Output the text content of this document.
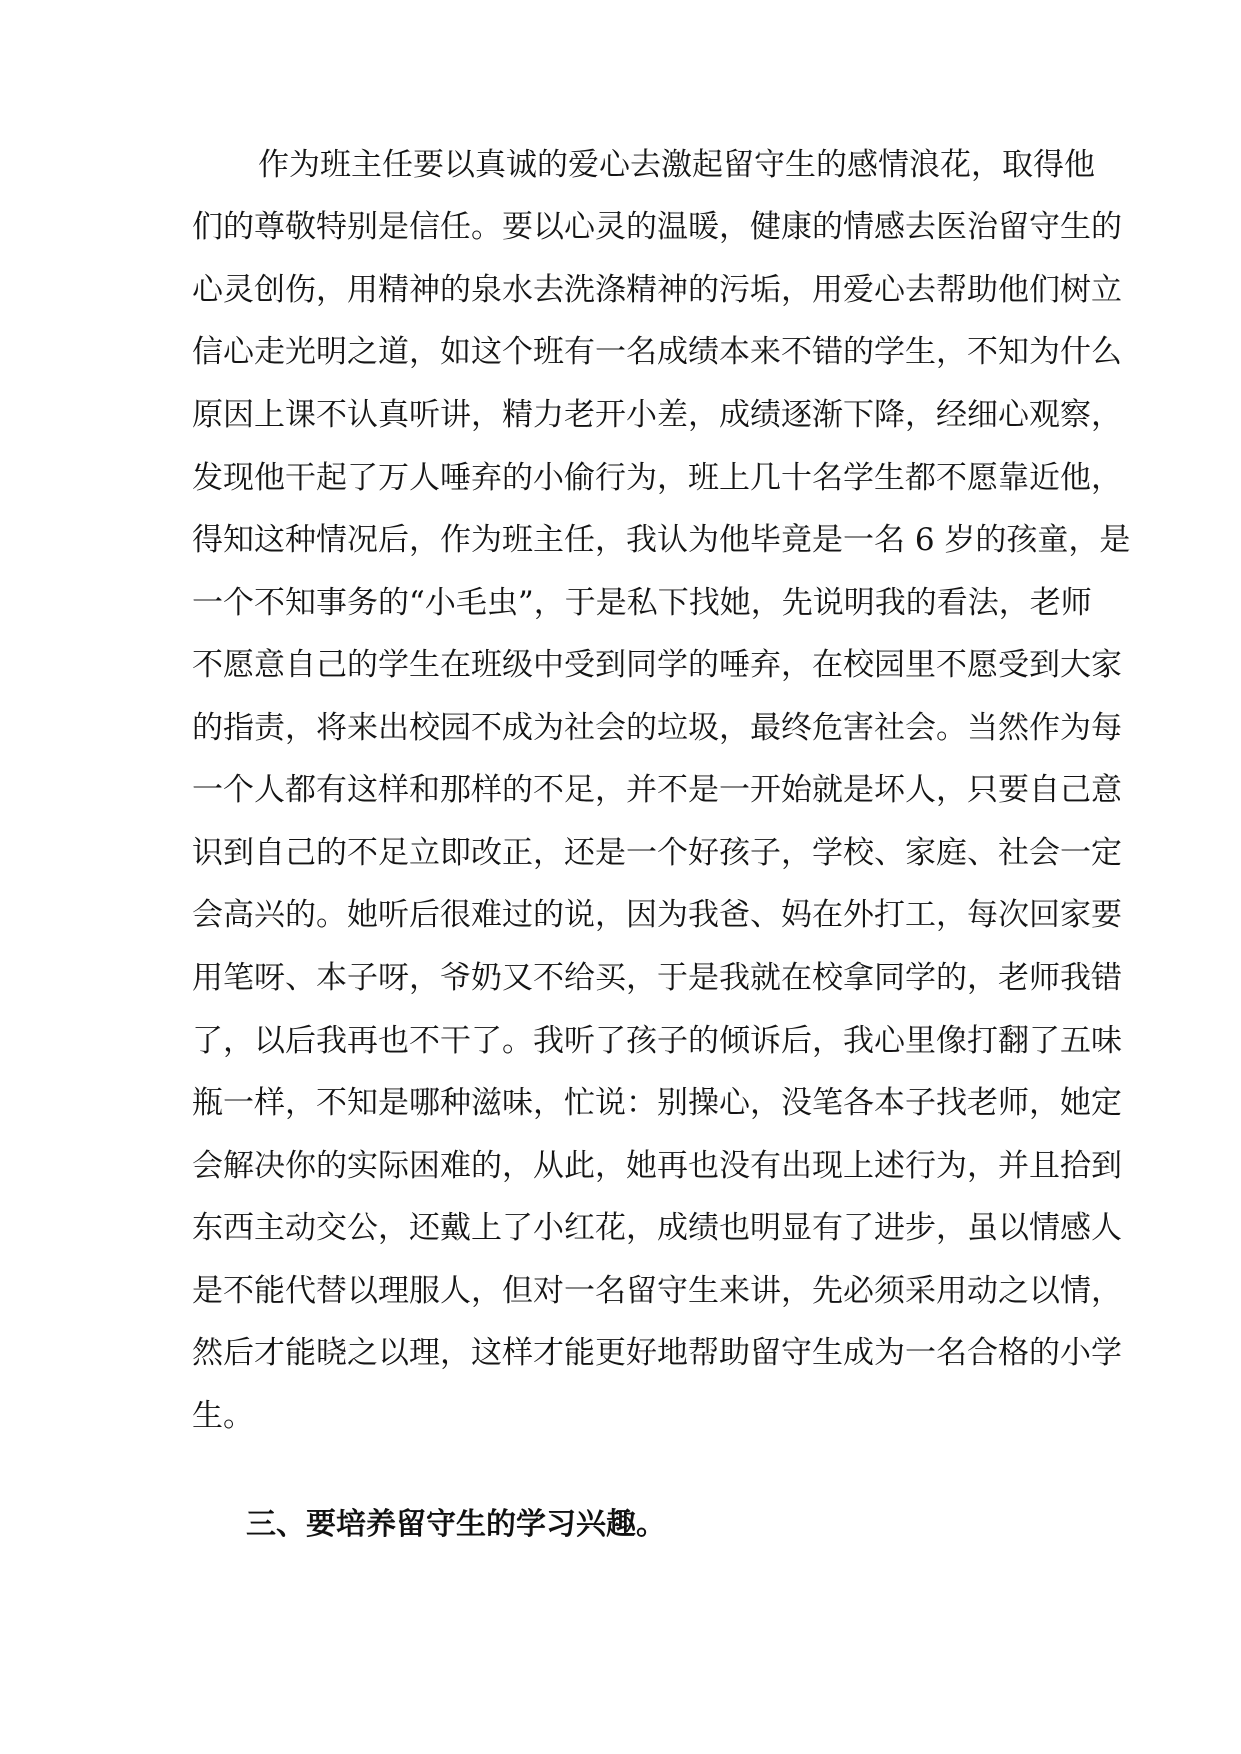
作为班主任要以真诚的爱心去激起留守生的感情浪花，取得他
们的尊敬特别是信任。要以心灵的温暖，健康的情感去医治留守生的
心灵创伤，用精神的泉水去洗涤精神的污垢，用爱心去帮助他们树立
信心走光明之道，如这个班有一名成绩本来不错的学生，不知为什么
原因上课不认真听讲，精力老开小差，成绩逐渐下降，经细心观察，
发现他干起了万人唾弃的小偷行为，班上几十名学生都不愿靠近他，
得知这种情况后，作为班主任，我认为他毕竟是一名 6 岁的孩童，是
一个不知事务的“小毛虫”，于是私下找她，先说明我的看法，老师
不愿意自己的学生在班级中受到同学的唾弃，在校园里不愿受到大家
的指责，将来出校园不成为社会的垃圾，最终危害社会。当然作为每
一个人都有这样和那样的不足，并不是一开始就是坏人，只要自己意
识到自己的不足立即改正，还是一个好孩子，学校、家庭、社会一定
会高兴的。她听后很难过的说，因为我爸、妈在外打工，每次回家要
用笔呀、本子呀，爷奶又不给买，于是我就在校拿同学的，老师我错
了，以后我再也不干了。我听了孩子的倾诉后，我心里像打翻了五味
瓶一样，不知是哪种滋味，忙说：别操心，没笔各本子找老师，她定
会解决你的实际困难的，从此，她再也没有出现上述行为，并且拾到
东西主动交公，还戴上了小红花，成绩也明显有了进步，虽以情感人
是不能代替以理服人，但对一名留守生来讲，先必须采用动之以情，
然后才能晓之以理，这样才能更好地帮助留守生成为一名合格的小学
生。
三、要培养留守生的学习兴趣。
